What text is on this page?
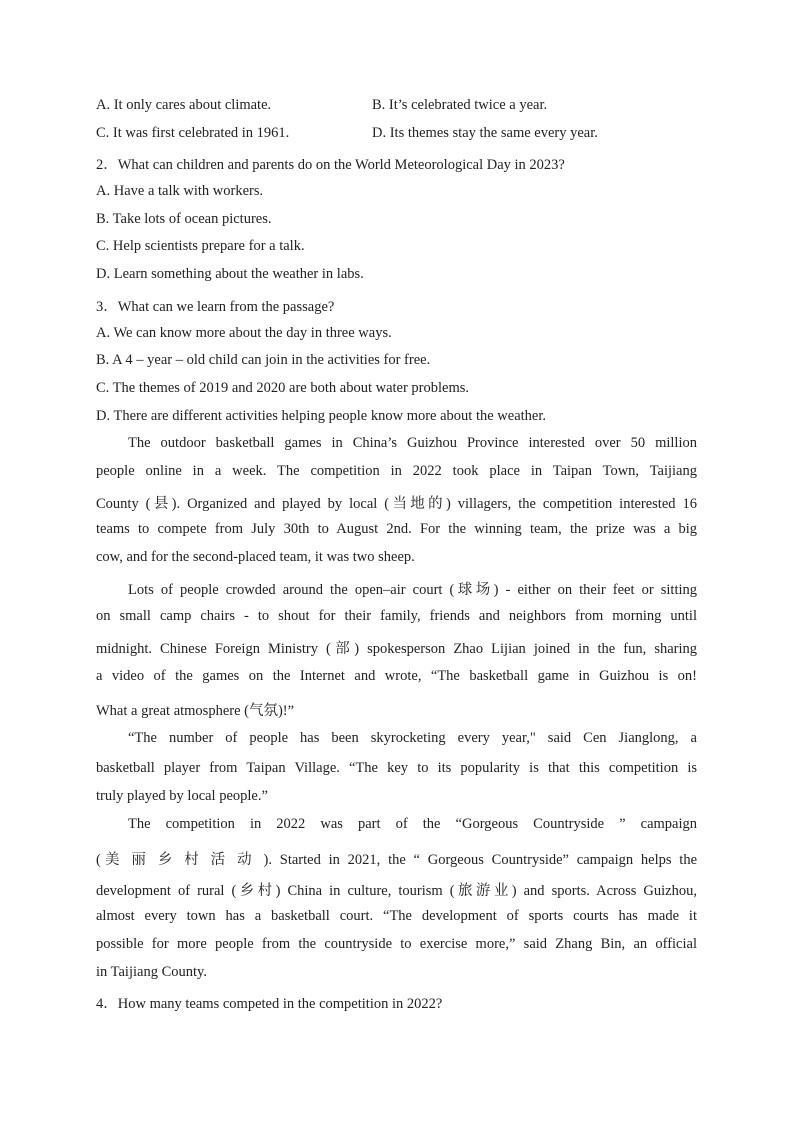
A. It only cares about climate.	B. It’s celebrated twice a year.
C. It was first celebrated in 1961.	D. Its themes stay the same every year.
2．What can children and parents do on the World Meteorological Day in 2023?
A. Have a talk with workers.
B. Take lots of ocean pictures.
C. Help scientists prepare for a talk.
D. Learn something about the weather in labs.
3．What can we learn from the passage?
A. We can know more about the day in three ways.
B. A 4 – year – old child can join in the activities for free.
C. The themes of 2019 and 2020 are both about water problems.
D. There are different activities helping people know more about the weather.
The outdoor basketball games in China’s Guizhou Province interested over 50 million
people online in a week. The competition in 2022 took place in Taipan Town, Taijiang
County (县). Organized and played by local (当地的) villagers, the competition interested 16
teams to compete from July 30th to August 2nd. For the winning team, the prize was a big
cow, and for the second-placed team, it was two sheep.
Lots of people crowded around the open–air court (球场) - either on their feet or sitting
on small camp chairs - to shout for their family, friends and neighbors from morning until
midnight. Chinese Foreign Ministry (部) spokesperson Zhao Lijian joined in the fun, sharing
a video of the games on the Internet and wrote, “The basketball game in Guizhou is on!
What a great atmosphere (气氛)!”
“The number of people has been skyrocketing every year," said Cen Jianglong, a
basketball player from Taipan Village. “The key to its popularity is that this competition is
truly played by local people.”
The competition in 2022 was part of the “Gorgeous Countryside ” campaign
(美 丽 乡 村 活 动 ). Started in 2021, the “ Gorgeous Countryside” campaign helps the
development of rural (乡村) China in culture, tourism (旅游业) and sports. Across Guizhou,
almost every town has a basketball court. “The development of sports courts has made it
possible for more people from the countryside to exercise more,” said Zhang Bin, an official
in Taijiang County.
4．How many teams competed in the competition in 2022?
